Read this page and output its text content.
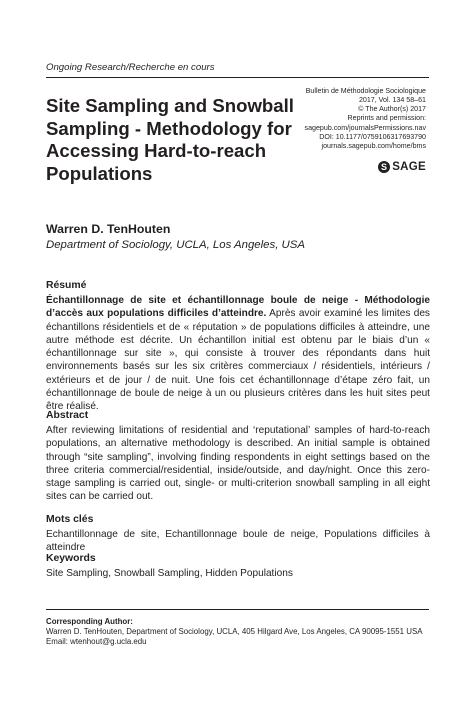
Ongoing Research/Recherche en cours
Bulletin de Méthodologie Sociologique
2017, Vol. 134 58–61
© The Author(s) 2017
Reprints and permission:
sagepub.com/journalsPermissions.nav
DOI: 10.1177/0759106317693790
journals.sagepub.com/home/bms
S SAGE
Site Sampling and Snowball Sampling - Methodology for Accessing Hard-to-reach Populations
Warren D. TenHouten
Department of Sociology, UCLA, Los Angeles, USA
Résumé

Échantillonnage de site et échantillonnage boule de neige - Méthodologie d’accès aux populations difficiles d’atteindre. Après avoir examiné les limites des échantillons résidentiels et de « réputation » de populations difficiles à atteindre, une autre méthode est décrite. Un échantillon initial est obtenu par le biais d’un « échantillonnage sur site », qui consiste à trouver des répondants dans huit environnements basés sur les six critères commerciaux / résidentiels, intérieurs / extérieurs et de jour / de nuit. Une fois cet échantillonnage d’étape zéro fait, un échantillonnage de boule de neige à un ou plusieurs critères dans les huit sites peut être réalisé.

Abstract

After reviewing limitations of residential and ‘reputational’ samples of hard-to-reach populations, an alternative methodology is described. An initial sample is obtained through “site sampling”, involving finding respondents in eight settings based on the three criteria commercial/residential, inside/outside, and day/night. Once this zero-stage sampling is carried out, single- or multi-criterion snowball sampling in all eight sites can be carried out.

Mots clés

Echantillonnage de site, Echantillonnage boule de neige, Populations difficiles à atteindre

Keywords

Site Sampling, Snowball Sampling, Hidden Populations

Corresponding Author:
Warren D. TenHouten, Department of Sociology, UCLA, 405 Hilgard Ave, Los Angeles, CA 90095-1551 USA
Email: wtenhout@g.ucla.edu
